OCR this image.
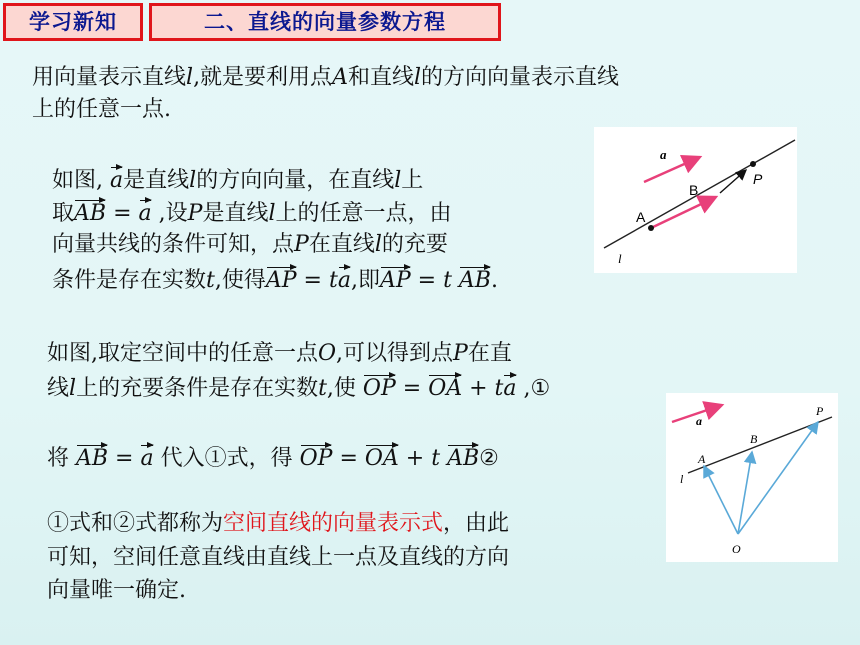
学习新知	二、直线的向量参数方程
用向量表示直线l,就是要利用点A和直线l的方向向量表示直线
上的任意一点.
如图, a是直线l的方向向量，在直线l上
取AB = a ,设P是直线l上的任意一点，由
向量共线的条件可知，点P在直线l的充要
条件是存在实数t,使得AP = ta,即AP = t AB.
a
A
B
P
l
如图,取定空间中的任意一点O,可以得到点P在直
线l上的充要条件是存在实数t,使 OP = OA + ta ,①
将 AB = a 代入①式，得 OP = OA + t AB②
①式和②式都称为空间直线的向量表示式，由此
可知，空间任意直线由直线上一点及直线的方向
向量唯一确定.
a
A
B
P
l
O
